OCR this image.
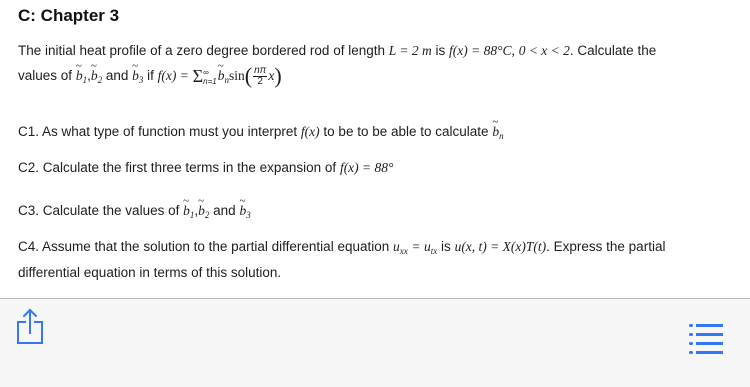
C: Chapter 3
The initial heat profile of a zero degree bordered rod of length L = 2 m is f(x) = 88°C, 0 < x < 2. Calculate the
values of ~ $b_1,\sim$ $b_2$ and ~ $b_3$ if f(x) = Σ ∞
n=1 ~ $b_n\sin( \frac{n\pi}{2} x)$
C1. As what type of function must you interpret f(x) to be to be able to calculate ~ $b_n$
C2. Calculate the first three terms in the expansion of f(x) = 88°
C3. Calculate the values of ~ $b_1,\sim$ $b_2$ and ~ $b_3$
C4. Assume that the solution to the partial differential equation $u_{xx} = u_{tx}$ is u(x, t) = X(x)T(t). Express the partial
differential equation in terms of this solution.
